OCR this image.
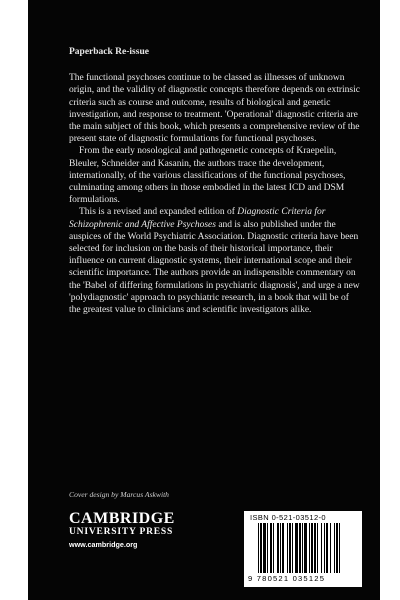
Paperback Re-issue

The functional psychoses continue to be classed as illnesses of unknown origin, and the validity of diagnostic concepts therefore depends on extrinsic criteria such as course and outcome, results of biological and genetic investigation, and response to treatment. 'Operational' diagnostic criteria are the main subject of this book, which presents a comprehensive review of the present state of diagnostic formulations for functional psychoses.

From the early nosological and pathogenetic concepts of Kraepelin, Bleuler, Schneider and Kasanin, the authors trace the development, internationally, of the various classifications of the functional psychoses, culminating among others in those embodied in the latest ICD and DSM formulations.

This is a revised and expanded edition of Diagnostic Criteria for Schizophrenic and Affective Psychoses and is also published under the auspices of the World Psychiatric Association. Diagnostic criteria have been selected for inclusion on the basis of their historical importance, their influence on current diagnostic systems, their international scope and their scientific importance. The authors provide an indispensible commentary on the 'Babel of differing formulations in psychiatric diagnosis', and urge a new 'polydiagnostic' approach to psychiatric research, in a book that will be of the greatest value to clinicians and scientific investigators alike.

Cover design by Marcus Askwith
CAMBRIDGE
UNIVERSITY PRESS
www.cambridge.org
ISBN 0-521-03512-0
9 780521 035125
